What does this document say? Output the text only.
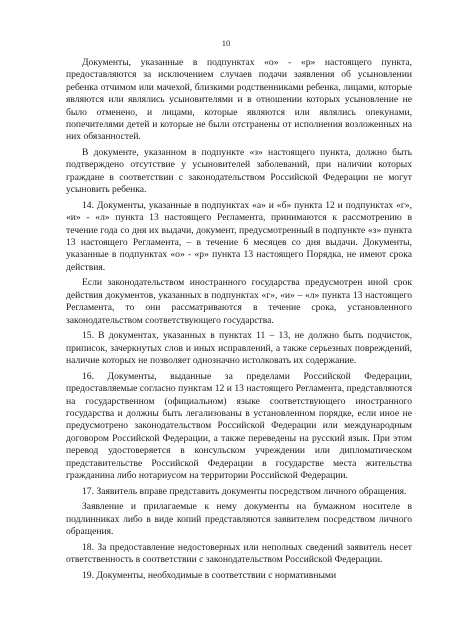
10

Документы, указанные в подпунктах «о» - «р» настоящего пункта, предоставляются за исключением случаев подачи заявления об усыновлении ребенка отчимом или мачехой, близкими родственниками ребенка, лицами, которые являются или являлись усыновителями и в отношении которых усыновление не было отменено, и лицами, которые являются или являлись опекунами, попечителями детей и которые не были отстранены от исполнения возложенных на них обязанностей.

В документе, указанном в подпункте «з» настоящего пункта, должно быть подтверждено отсутствие у усыновителей заболеваний, при наличии которых граждане в соответствии с законодательством Российской Федерации не могут усыновить ребенка.

14. Документы, указанные в подпунктах «а» и «б» пункта 12 и подпунктах «г», «и» - «л» пункта 13 настоящего Регламента, принимаются к рассмотрению в течение года со дня их выдачи, документ, предусмотренный в подпункте «з» пункта 13 настоящего Регламента, – в течение 6 месяцев со дня выдачи. Документы, указанные в подпунктах «о» - «р» пункта 13 настоящего Порядка, не имеют срока действия.

Если законодательством иностранного государства предусмотрен иной срок действия документов, указанных в подпунктах «г», «и» – «л» пункта 13 настоящего Регламента, то они рассматриваются в течение срока, установленного законодательством соответствующего государства.

15. В документах, указанных в пунктах 11 – 13, не должно быть подчисток, приписок, зачеркнутых слов и иных исправлений, а также серьезных повреждений, наличие которых не позволяет однозначно истолковать их содержание.

16. Документы, выданные за пределами Российской Федерации, предоставляемые согласно пунктам 12 и 13 настоящего Регламента, представляются на государственном (официальном) языке соответствующего иностранного государства и должны быть легализованы в установленном порядке, если иное не предусмотрено законодательством Российской Федерации или международным договором Российской Федерации, а также переведены на русский язык. При этом перевод удостоверяется в консульском учреждении или дипломатическом представительстве Российской Федерации в государстве места жительства гражданина либо нотариусом на территории Российской Федерации.

17. Заявитель вправе представить документы посредством личного обращения.

Заявление и прилагаемые к нему документы на бумажном носителе в подлинниках либо в виде копий представляются заявителем посредством личного обращения.

18. За предоставление недостоверных или неполных сведений заявитель несет ответственность в соответствии с законодательством Российской Федерации.

19. Документы, необходимые в соответствии с нормативными
